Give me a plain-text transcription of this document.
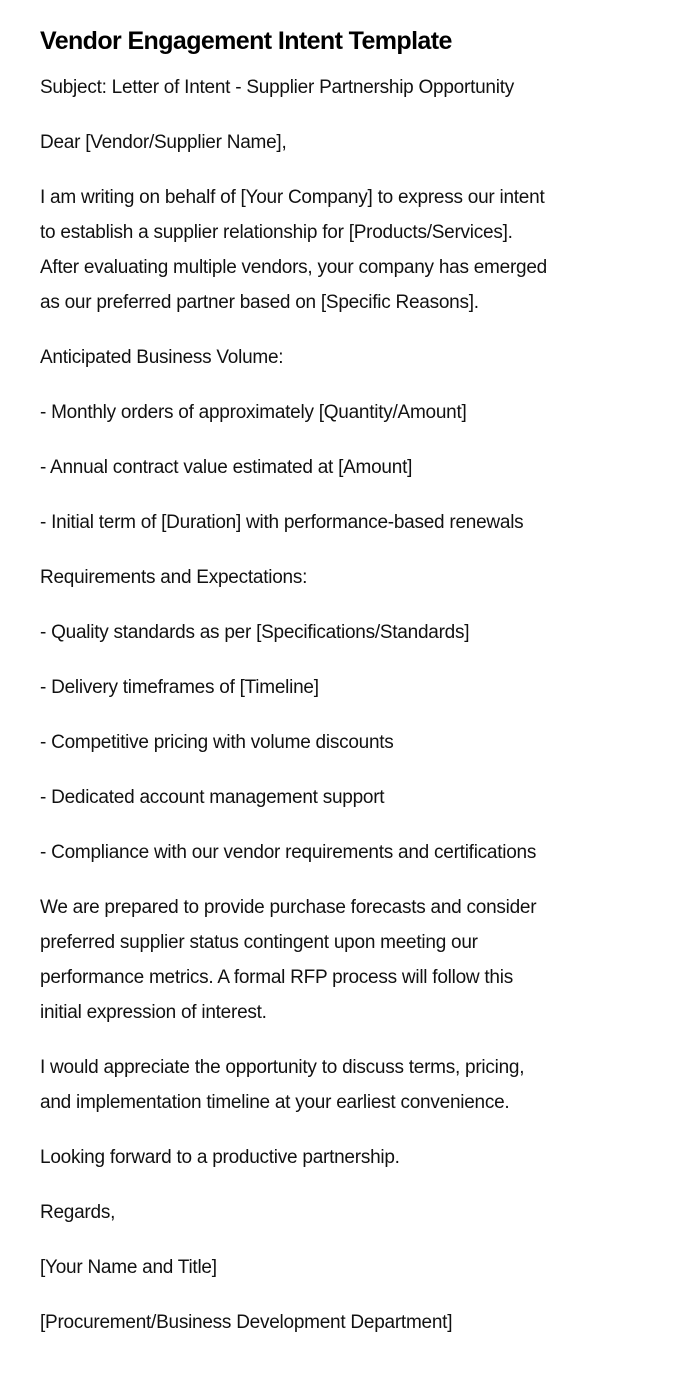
Vendor Engagement Intent Template

Subject: Letter of Intent - Supplier Partnership Opportunity

Dear [Vendor/Supplier Name],

I am writing on behalf of [Your Company] to express our intent
to establish a supplier relationship for [Products/Services].
After evaluating multiple vendors, your company has emerged
as our preferred partner based on [Specific Reasons].

Anticipated Business Volume:

- Monthly orders of approximately [Quantity/Amount]

- Annual contract value estimated at [Amount]

- Initial term of [Duration] with performance-based renewals

Requirements and Expectations:

- Quality standards as per [Specifications/Standards]

- Delivery timeframes of [Timeline]

- Competitive pricing with volume discounts

- Dedicated account management support

- Compliance with our vendor requirements and certifications

We are prepared to provide purchase forecasts and consider
preferred supplier status contingent upon meeting our
performance metrics. A formal RFP process will follow this
initial expression of interest.

I would appreciate the opportunity to discuss terms, pricing,
and implementation timeline at your earliest convenience.

Looking forward to a productive partnership.

Regards,

[Your Name and Title]

[Procurement/Business Development Department]
